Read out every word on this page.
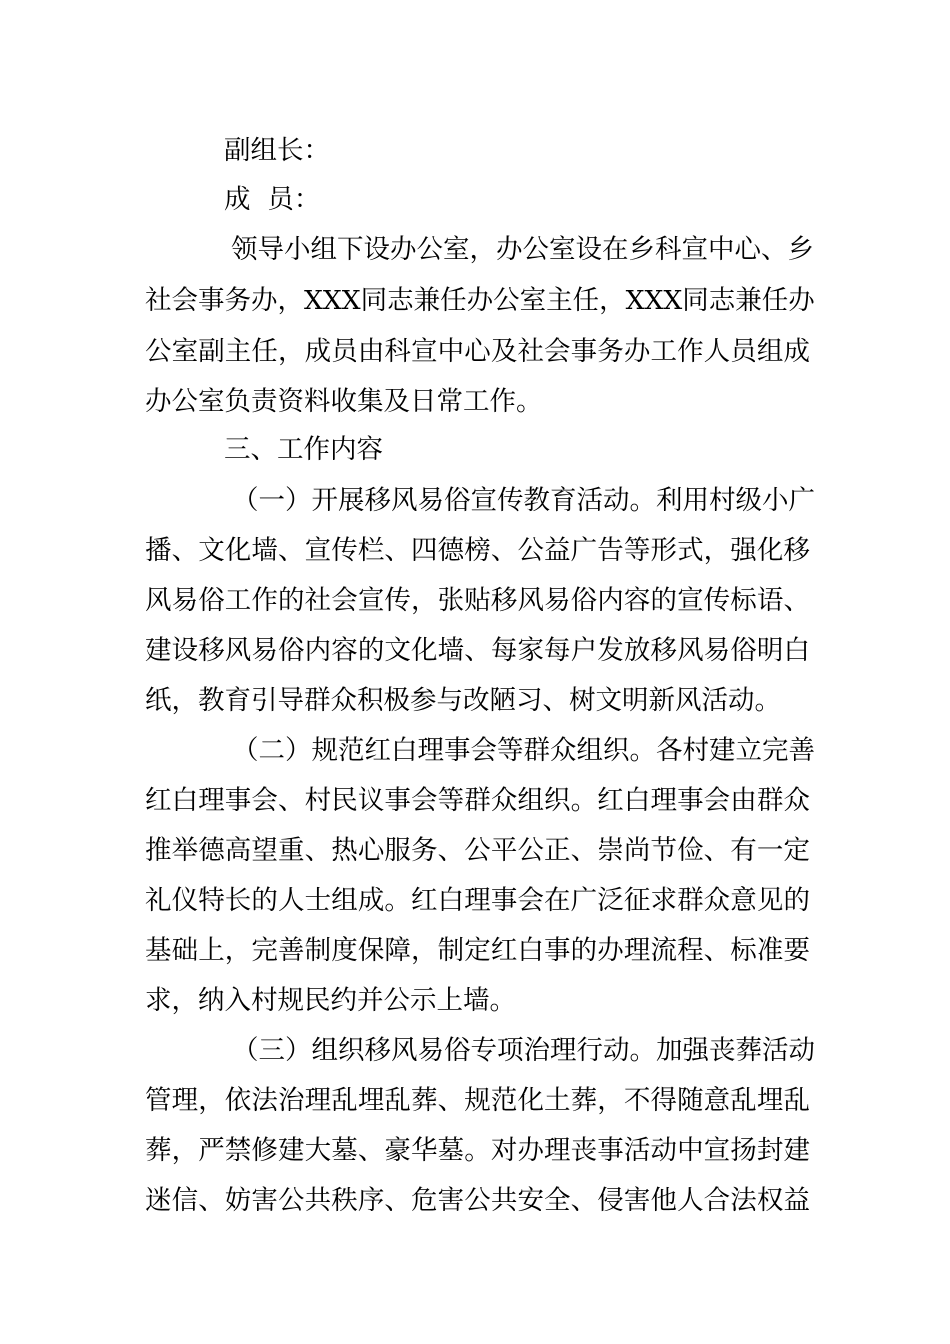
副组长：
成  员：
领导小组下设办公室，办公室设在乡科宣中心、乡
社会事务办，XXX同志兼任办公室主任，XXX同志兼任办
公室副主任，成员由科宣中心及社会事务办工作人员组成
办公室负责资料收集及日常工作。
三、工作内容
（一）开展移风易俗宣传教育活动。利用村级小广
播、文化墙、宣传栏、四德榜、公益广告等形式，强化移
风易俗工作的社会宣传，张贴移风易俗内容的宣传标语、
建设移风易俗内容的文化墙、每家每户发放移风易俗明白
纸，教育引导群众积极参与改陋习、树文明新风活动。
（二）规范红白理事会等群众组织。各村建立完善
红白理事会、村民议事会等群众组织。红白理事会由群众
推举德高望重、热心服务、公平公正、崇尚节俭、有一定
礼仪特长的人士组成。红白理事会在广泛征求群众意见的
基础上，完善制度保障，制定红白事的办理流程、标准要
求，纳入村规民约并公示上墙。
（三）组织移风易俗专项治理行动。加强丧葬活动
管理，依法治理乱埋乱葬、规范化土葬，不得随意乱埋乱
葬，严禁修建大墓、豪华墓。对办理丧事活动中宣扬封建
迷信、妨害公共秩序、危害公共安全、侵害他人合法权益
